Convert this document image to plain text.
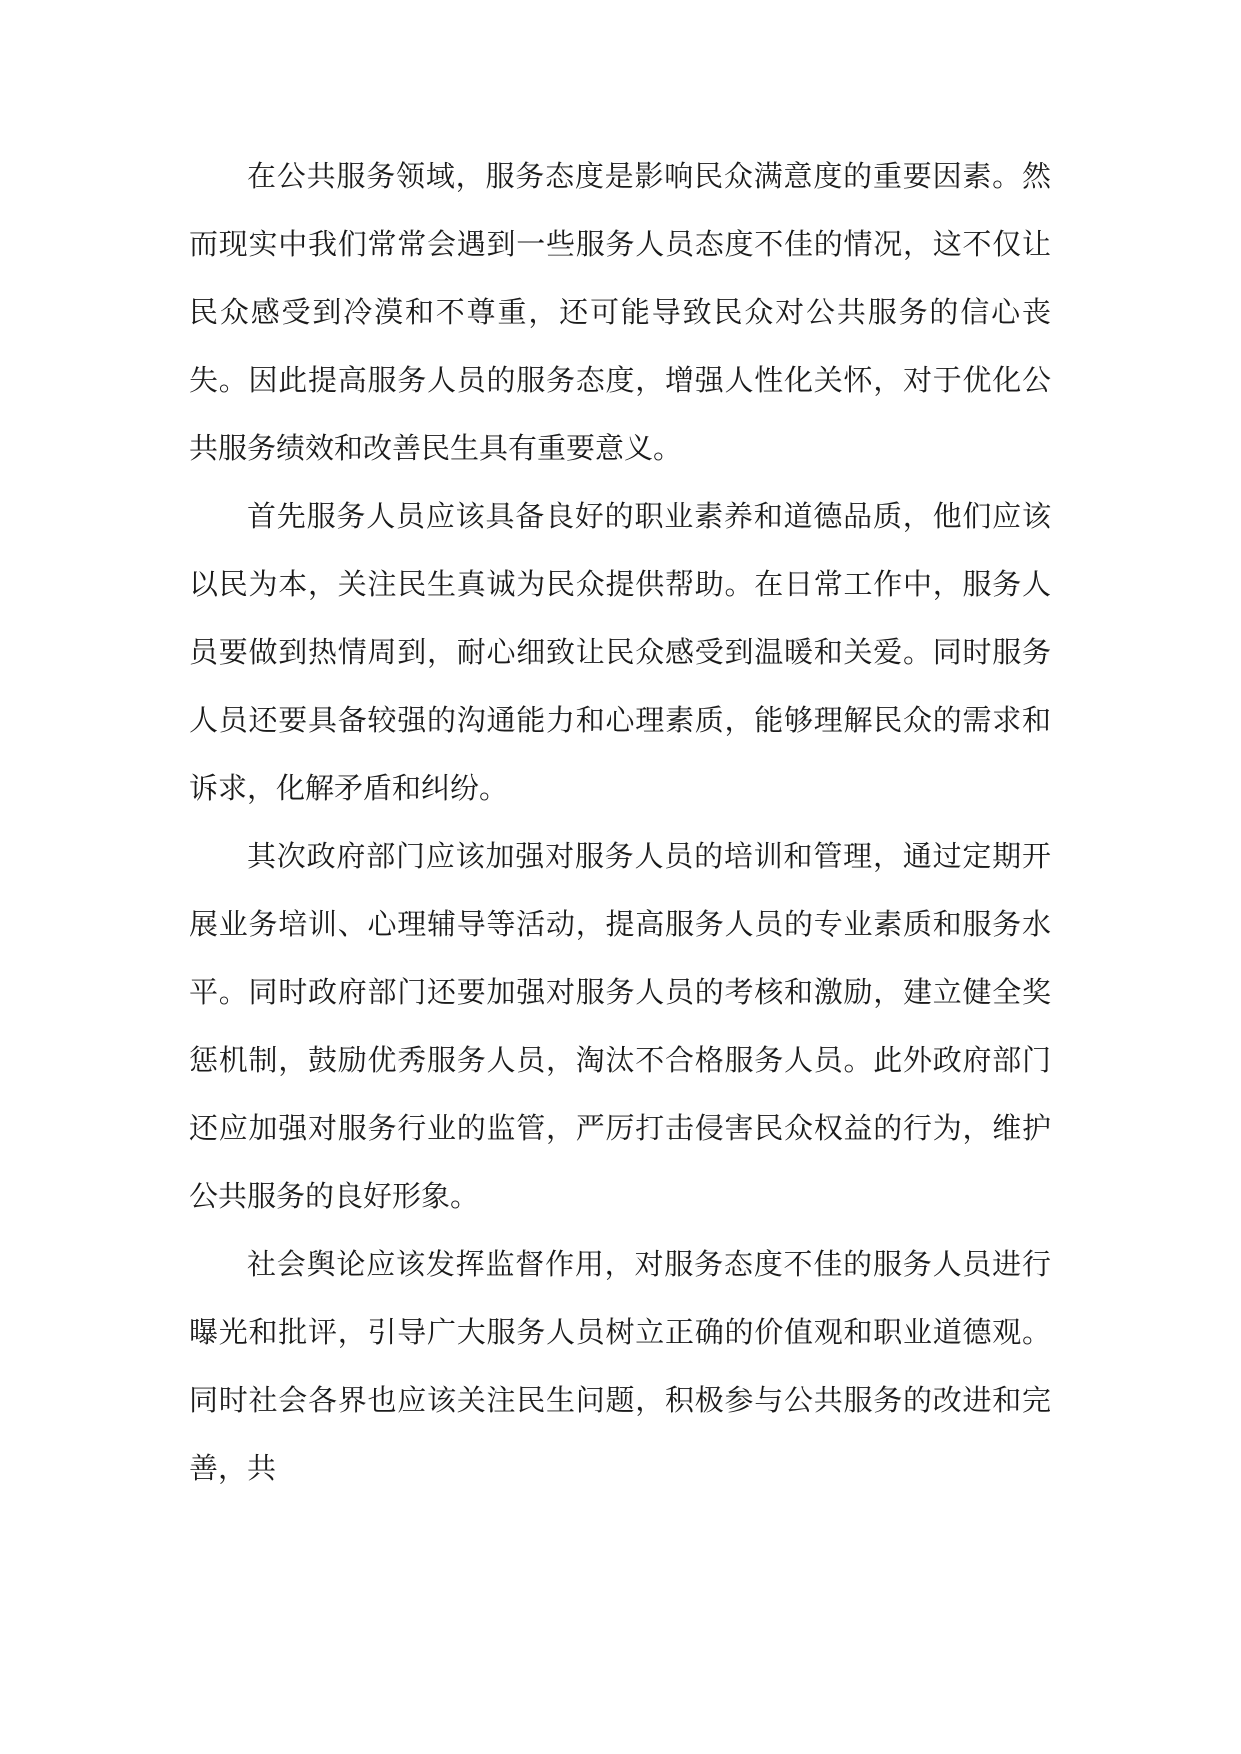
在公共服务领域，服务态度是影响民众满意度的重要因素。然而现实中我们常常会遇到一些服务人员态度不佳的情况，这不仅让民众感受到冷漠和不尊重，还可能导致民众对公共服务的信心丧失。因此提高服务人员的服务态度，增强人性化关怀，对于优化公共服务绩效和改善民生具有重要意义。

首先服务人员应该具备良好的职业素养和道德品质，他们应该以民为本，关注民生真诚为民众提供帮助。在日常工作中，服务人员要做到热情周到，耐心细致让民众感受到温暖和关爱。同时服务人员还要具备较强的沟通能力和心理素质，能够理解民众的需求和诉求，化解矛盾和纠纷。

其次政府部门应该加强对服务人员的培训和管理，通过定期开展业务培训、心理辅导等活动，提高服务人员的专业素质和服务水平。同时政府部门还要加强对服务人员的考核和激励，建立健全奖惩机制，鼓励优秀服务人员，淘汰不合格服务人员。此外政府部门还应加强对服务行业的监管，严厉打击侵害民众权益的行为，维护公共服务的良好形象。

社会舆论应该发挥监督作用，对服务态度不佳的服务人员进行曝光和批评，引导广大服务人员树立正确的价值观和职业道德观。同时社会各界也应该关注民生问题，积极参与公共服务的改进和完善，共
